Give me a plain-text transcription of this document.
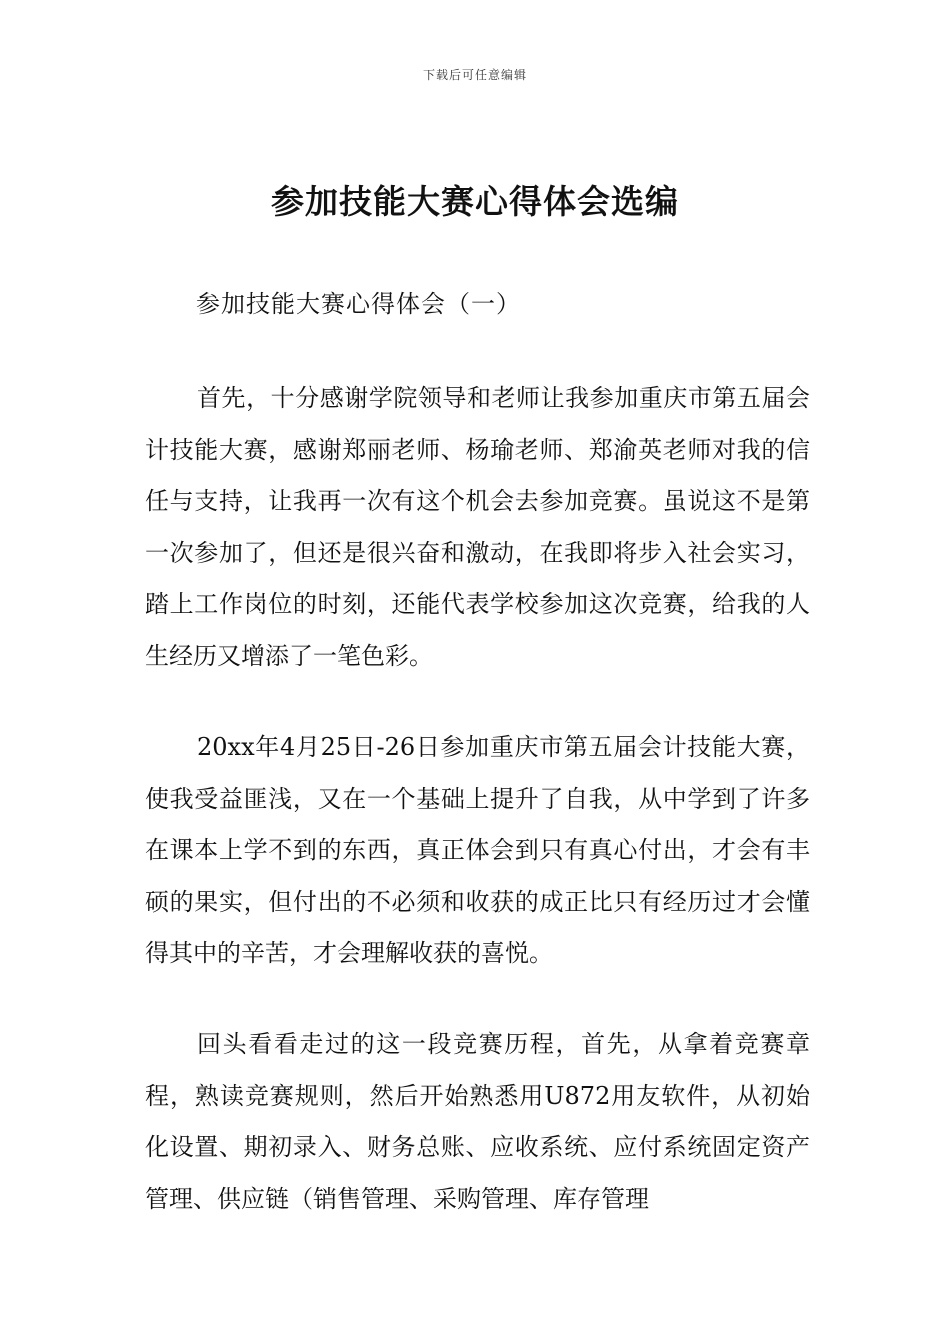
下载后可任意编辑
参加技能大赛心得体会选编
参加技能大赛心得体会（一）

首先，十分感谢学院领导和老师让我参加重庆市第五届会计技能大赛，感谢郑丽老师、杨瑜老师、郑渝英老师对我的信任与支持，让我再一次有这个机会去参加竞赛。虽说这不是第一次参加了，但还是很兴奋和激动，在我即将步入社会实习，踏上工作岗位的时刻，还能代表学校参加这次竞赛，给我的人生经历又增添了一笔色彩。

20xx年4月25日-26日参加重庆市第五届会计技能大赛，使我受益匪浅，又在一个基础上提升了自我，从中学到了许多在课本上学不到的东西，真正体会到只有真心付出，才会有丰硕的果实，但付出的不必须和收获的成正比只有经历过才会懂得其中的辛苦，才会理解收获的喜悦。

回头看看走过的这一段竞赛历程，首先，从拿着竞赛章程，熟读竞赛规则，然后开始熟悉用U872用友软件，从初始化设置、期初录入、财务总账、应收系统、应付系统固定资产管理、供应链（销售管理、采购管理、库存管理
